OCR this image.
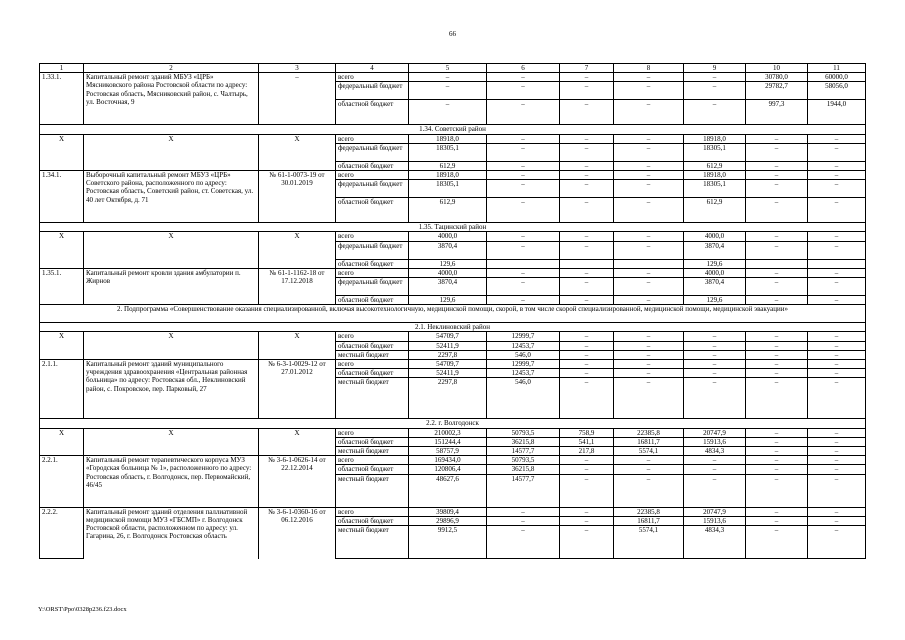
66
1	2	3	4	5	6	7	8	9	10	11
1.33.1.	Капитальный ремонт зданий МБУЗ «ЦРБ» Мясниковского района Ростовской области по адресу: Ростовская область, Мясниковский район, с. Чалтырь, ул. Восточная, 9	–	всего	–	–	–	–	–	30780,0	60000,0
			федеральный бюджет	–	–	–	–	–	29782,7	58056,0
			областной бюджет	–	–	–	–	–	997,3	1944,0
1.34. Советский район										
Х	Х	Х	всего	18918,0	–	–	–	18918,0	–	–
			федеральный бюджет	18305,1	–	–	–	18305,1	–	–
			областной бюджет	612,9	–	–	–	612,9	–	–
1.34.1.	Выборочный капитальный ремонт МБУЗ «ЦРБ» Советского района, расположенного по адресу: Ростовская область, Советский район, ст. Советская, ул. 40 лет Октября, д. 71	№ 61-1-0073-19 от 30.01.2019	всего	18918,0	–	–	–	18918,0	–	–
			федеральный бюджет	18305,1	–	–	–	18305,1	–	–
			областной бюджет	612,9	–	–	–	612,9	–	–
1.35. Тацинский район										
Х	Х	Х	всего	4000,0	–	–	–	4000,0	–	–
			федеральный бюджет	3870,4	–	–	–	3870,4	–	–
			областной бюджет	129,6				129,6		
1.35.1.	Капитальный ремонт кровли здания амбулатории п. Жирнов	№ 61-1-1162-18 от 17.12.2018	всего	4000,0	–	–	–	4000,0	–	–
			федеральный бюджет	3870,4	–	–	–	3870,4	–	–
			областной бюджет	129,6	–	–	–	129,6	–	–
2. Подпрограмма «Совершенствование оказания специализированной, включая высокотехнологичную, медицинской помощи, скорой, в том числе скорой специализированной, медицинской помощи, медицинской эвакуации»										
2.1. Неклиновский район										
Х	Х	Х	всего	54709,7	12999,7	–	–	–	–	–
			областной бюджет	52411,9	12453,7	–	–	–	–	–
			местный бюджет	2297,8	546,0	–	–	–	–	–
2.1.1.	Капитальный ремонт зданий муниципального учреждения здравоохранения «Центральная районная больница» по адресу: Ростовская обл., Неклиновский район, с. Покровское, пер. Парковый, 27	№ 6-3-1-0029-12 от 27.01.2012	всего	54709,7	12999,7	–	–	–	–	–
			областной бюджет	52411,9	12453,7	–	–	–	–	–
			местный бюджет	2297,8	546,0	–	–	–	–	–
2.2. г. Волгодонск										
Х	Х	Х	всего	210002,3	50793,5	758,9	22385,8	20747,9	–	–
			областной бюджет	151244,4	36215,8	541,1	16811,7	15913,6	–	–
			местный бюджет	58757,9	14577,7	217,8	5574,1	4834,3	–	–
2.2.1.	Капитальный ремонт терапевтического корпуса МУЗ «Городская больница № 1», расположенного по адресу: Ростовская область, г. Волгодонск, пер. Первомайский, 46/45	№ 3-6-1-0626-14 от 22.12.2014	всего	169434,0	50793,5	–	–	–	–	–
			областной бюджет	120806,4	36215,8	–	–	–	–	–
			местный бюджет	48627,6	14577,7	–	–	–	–	–
2.2.2.	Капитальный ремонт зданий отделения паллиативной медицинской помощи МУЗ «ГБСМП» г. Волгодонск Ростовской области, расположенном по адресу: ул. Гагарина, 26, г. Волгодонск Ростовская область	№ 3-6-1-0360-16 от 06.12.2016	всего	39809,4	–	–	22385,8	20747,9	–	–
			областной бюджет	29896,9	–	–	16811,7	15913,6	–	–
			местный бюджет	9912,5	–	–	5574,1	4834,3	–	–
Y:\ORST\Ppo\0328p236.f23.docx
